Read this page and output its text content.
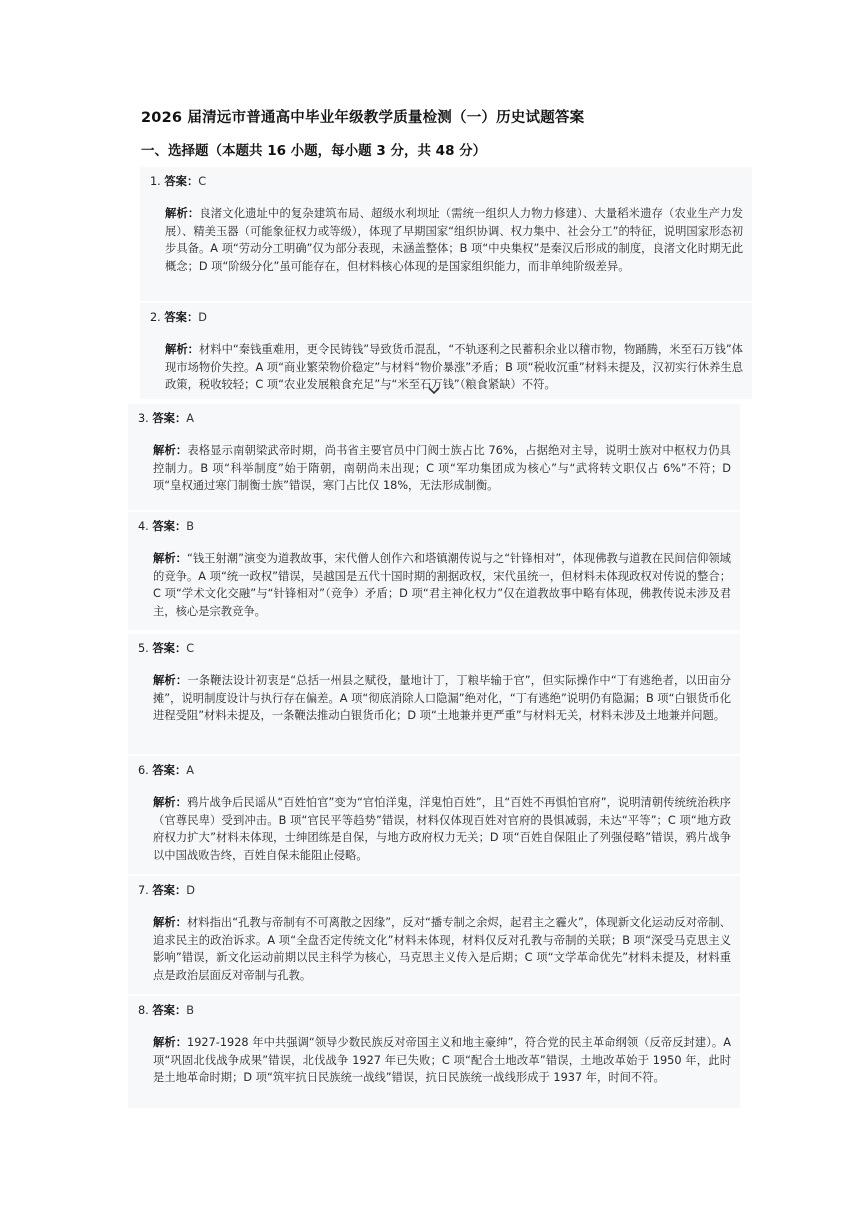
2026 届清远市普通高中毕业年级教学质量检测（一）历史试题答案
一、选择题（本题共 16 小题，每小题 3 分，共 48 分）
1. 答案：C
解析：良渚文化遗址中的复杂建筑布局、超级水利坝址（需统一组织人力物力修建）、大量稻米遗存（农业生产力发展）、精美玉器（可能象征权力或等级），体现了早期国家“组织协调、权力集中、社会分工”的特征，说明国家形态初步具备。A 项“劳动分工明确”仅为部分表现，未涵盖整体；B 项“中央集权”是秦汉后形成的制度，良渚文化时期无此概念；D 项“阶级分化”虽可能存在，但材料核心体现的是国家组织能力，而非单纯阶级差异。
2. 答案：D
解析：材料中“秦钱重难用，更令民铸钱”导致货币混乱，“不轨逐利之民蓄积余业以稽市物，物踊腾，米至石万钱”体现市场物价失控。A 项“商业繁荣物价稳定”与材料“物价暴涨”矛盾；B 项“税收沉重”材料未提及，汉初实行休养生息政策，税收较轻；C 项“农业发展粮食充足”与“米至石万钱”（粮食紧缺）不符。
3. 答案：A
解析：表格显示南朝梁武帝时期，尚书省主要官员中门阀士族占比 76%，占据绝对主导，说明士族对中枢权力仍具控制力。B 项“科举制度”始于隋朝，南朝尚未出现；C 项“军功集团成为核心”与“武将转文职仅占 6%”不符；D 项“皇权通过寒门制衡士族”错误，寒门占比仅 18%，无法形成制衡。
4. 答案：B
解析：“钱王射潮”演变为道教故事，宋代僧人创作六和塔镇潮传说与之“针锋相对”，体现佛教与道教在民间信仰领域的竞争。A 项“统一政权”错误，吴越国是五代十国时期的割据政权，宋代虽统一，但材料未体现政权对传说的整合；C 项“学术文化交融”与“针锋相对”（竞争）矛盾；D 项“君主神化权力”仅在道教故事中略有体现，佛教传说未涉及君主，核心是宗教竞争。
5. 答案：C
解析：一条鞭法设计初衷是“总括一州县之赋役，量地计丁，丁粮毕输于官”，但实际操作中“丁有逃绝者，以田亩分摊”，说明制度设计与执行存在偏差。A 项“彻底消除人口隐漏”绝对化，“丁有逃绝”说明仍有隐漏；B 项“白银货币化进程受阻”材料未提及，一条鞭法推动白银货币化；D 项“土地兼并更严重”与材料无关，材料未涉及土地兼并问题。
6. 答案：A
解析：鸦片战争后民谣从“百姓怕官”变为“官怕洋鬼，洋鬼怕百姓”，且“百姓不再惧怕官府”，说明清朝传统统治秩序（官尊民卑）受到冲击。B 项“官民平等趋势”错误，材料仅体现百姓对官府的畏惧减弱，未达“平等”；C 项“地方政府权力扩大”材料未体现，士绅团练是自保，与地方政府权力无关；D 项“百姓自保阻止了列强侵略”错误，鸦片战争以中国战败告终，百姓自保未能阻止侵略。
7. 答案：D
解析：材料指出“孔教与帝制有不可离散之因缘”，反对“播专制之余烬，起君主之霾火”，体现新文化运动反对帝制、追求民主的政治诉求。A 项“全盘否定传统文化”材料未体现，材料仅反对孔教与帝制的关联；B 项“深受马克思主义影响”错误，新文化运动前期以民主科学为核心，马克思主义传入是后期；C 项“文学革命优先”材料未提及，材料重点是政治层面反对帝制与孔教。
8. 答案：B
解析：1927-1928 年中共强调“领导少数民族反对帝国主义和地主豪绅”，符合党的民主革命纲领（反帝反封建）。A 项“巩固北伐战争成果”错误，北伐战争 1927 年已失败；C 项“配合土地改革”错误，土地改革始于 1950 年，此时是土地革命时期；D 项“筑牢抗日民族统一战线”错误，抗日民族统一战线形成于 1937 年，时间不符。
